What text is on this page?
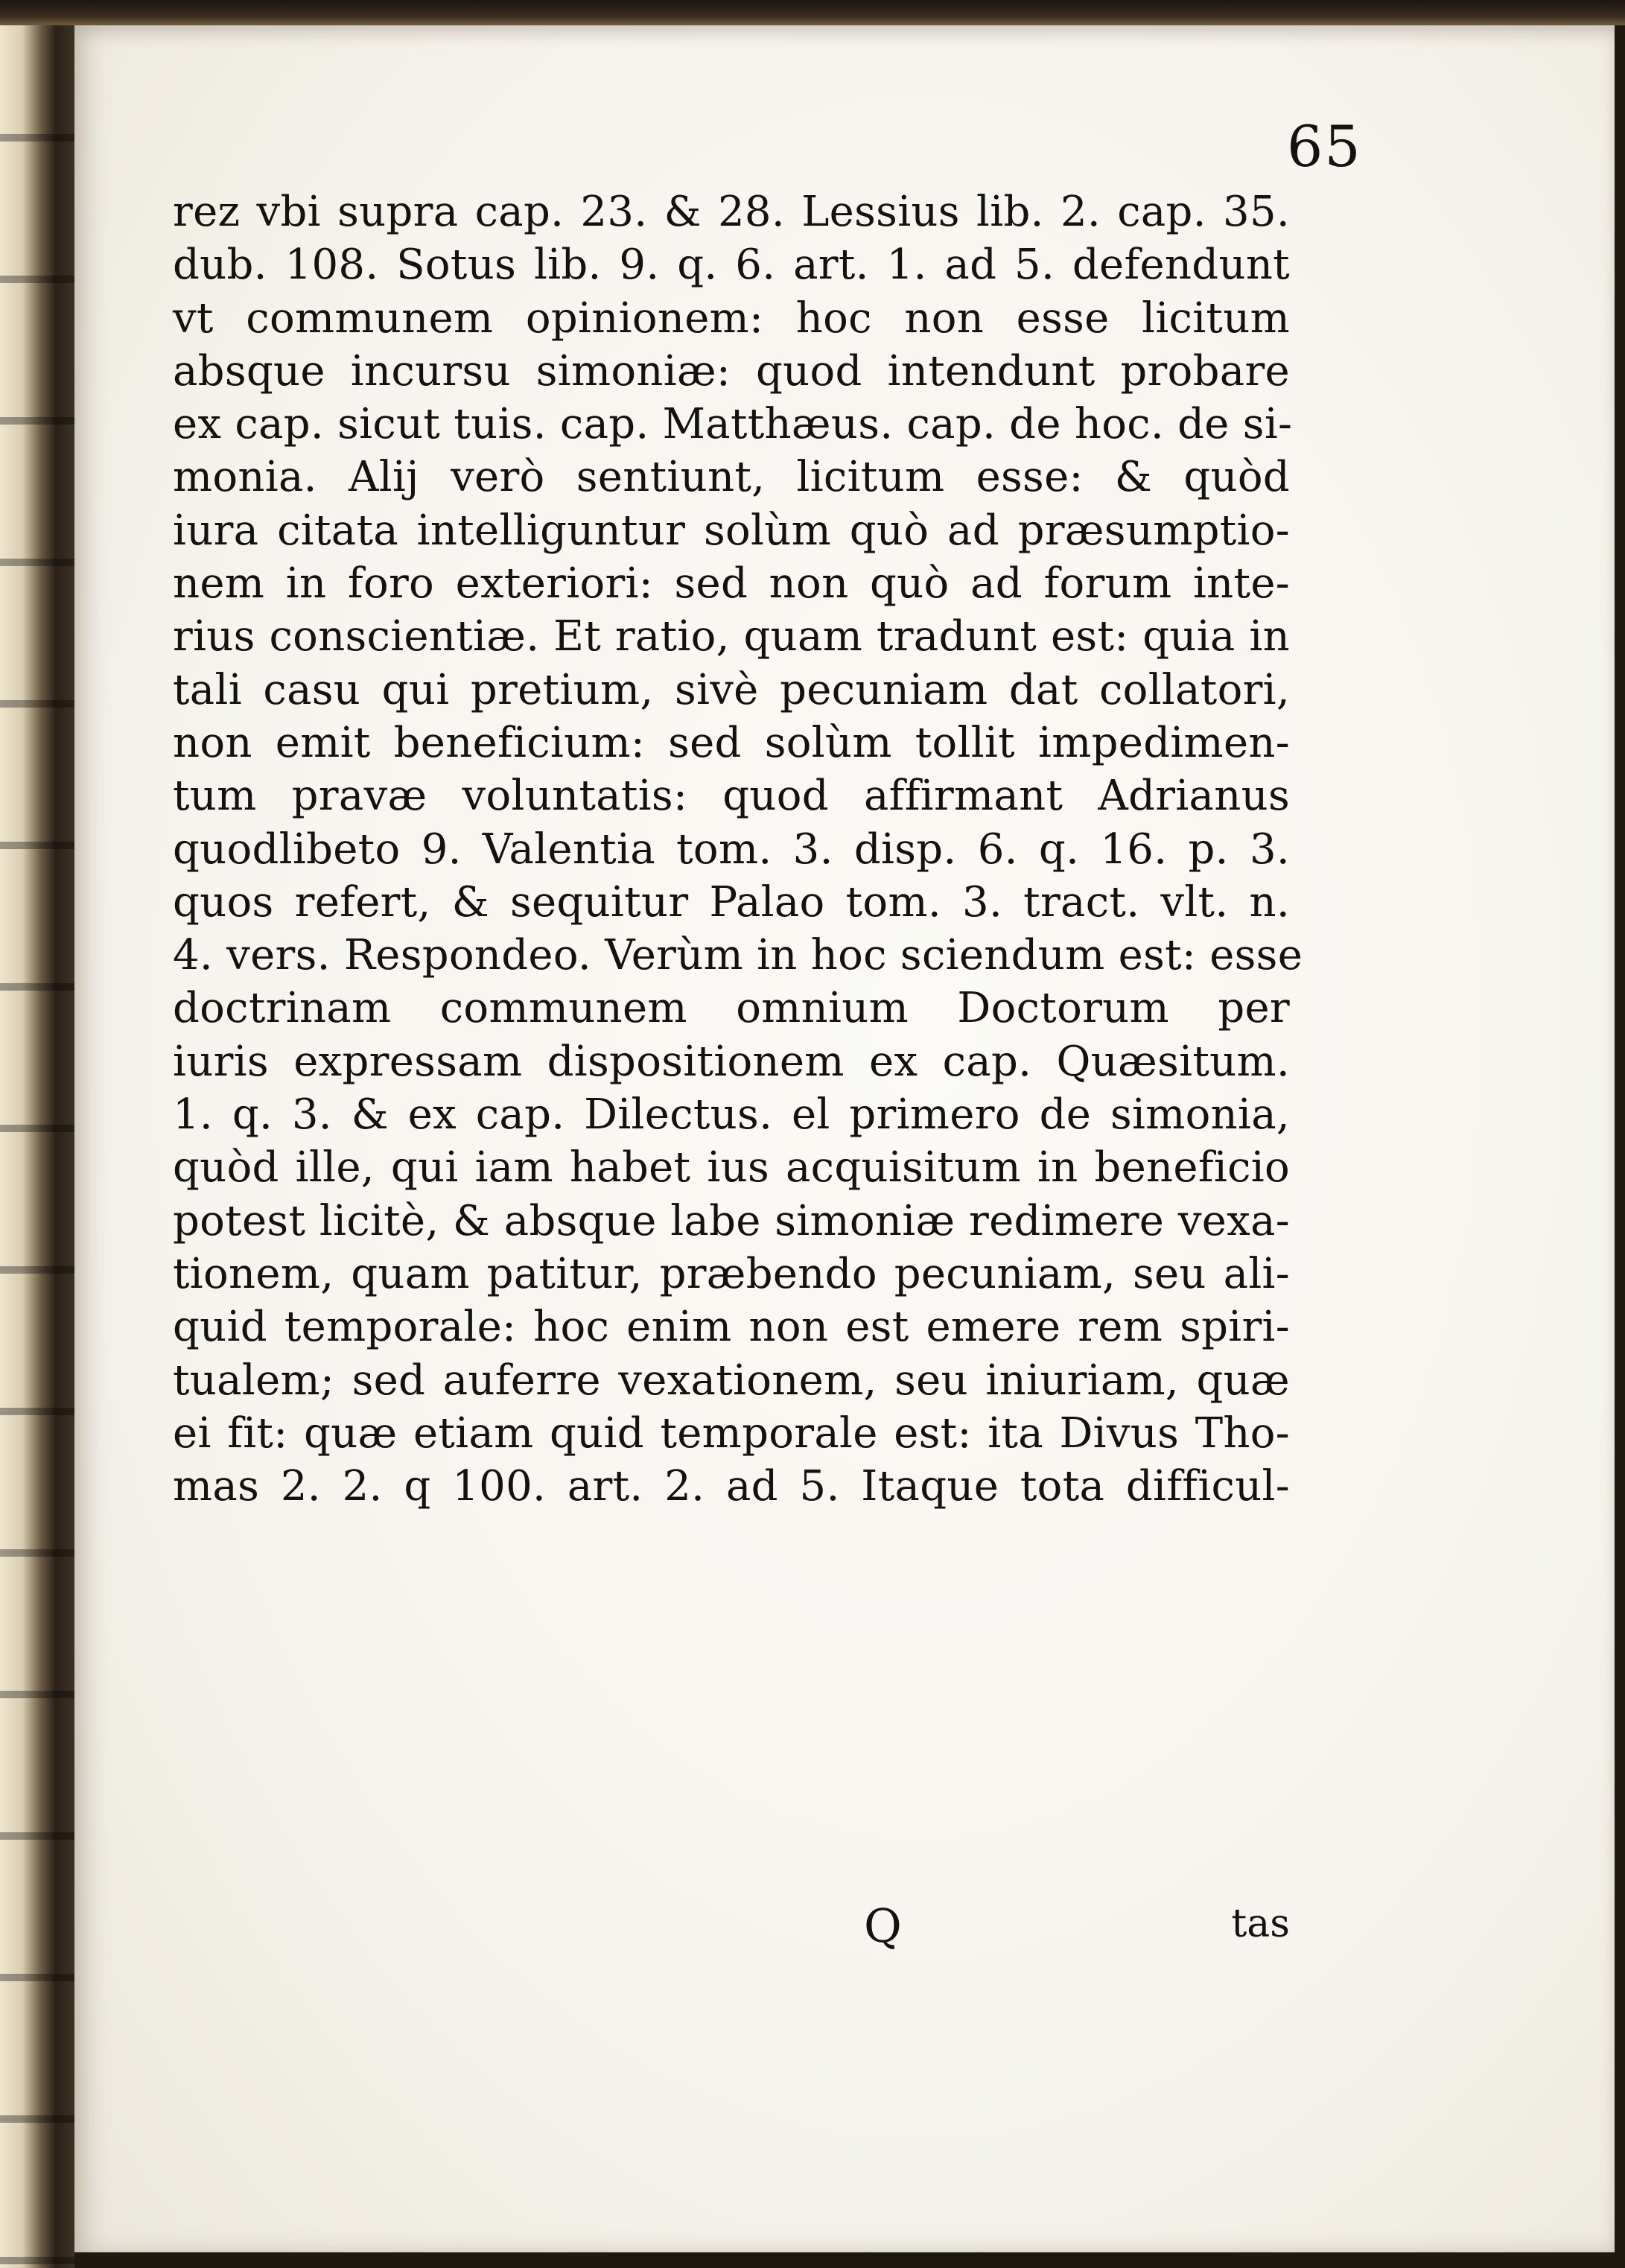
65

rez vbi supra cap. 23. & 28. Lessius lib. 2. cap. 35.
dub. 108. Sotus lib. 9. q. 6. art. 1. ad 5. defendunt
vt communem opinionem: hoc non esse licitum
absque incursu simoniæ: quod intendunt probare
ex cap. sicut tuis. cap. Matthæus. cap. de hoc. de si-
monia. Alij verò sentiunt, licitum esse: & quòd
iura citata intelliguntur solùm quò ad præsumptio-
nem in foro exteriori: sed non quò ad forum inte-
rius conscientiæ. Et ratio, quam tradunt est: quia in
tali casu qui pretium, sivè pecuniam dat collatori,
non emit beneficium: sed solùm tollit impedimen-
tum pravæ voluntatis: quod affirmant Adrianus
quodlibeto 9. Valentia tom. 3. disp. 6. q. 16. p. 3.
quos refert, & sequitur Palao tom. 3. tract. vlt. n.
4. vers. Respondeo. Verùm in hoc sciendum est: esse
doctrinam communem omnium Doctorum per
iuris expressam dispositionem ex cap. Quæsitum.
1. q. 3. & ex cap. Dilectus. el primero de simonia,
quòd ille, qui iam habet ius acquisitum in beneficio
potest licitè, & absque labe simoniæ redimere vexa-
tionem, quam patitur, præbendo pecuniam, seu ali-
quid temporale: hoc enim non est emere rem spiri-
tualem; sed auferre vexationem, seu iniuriam, quæ
ei fit: quæ etiam quid temporale est: ita Divus Tho-
mas 2. 2. q 100. art. 2. ad 5. Itaque tota difficul-
Q	tas
